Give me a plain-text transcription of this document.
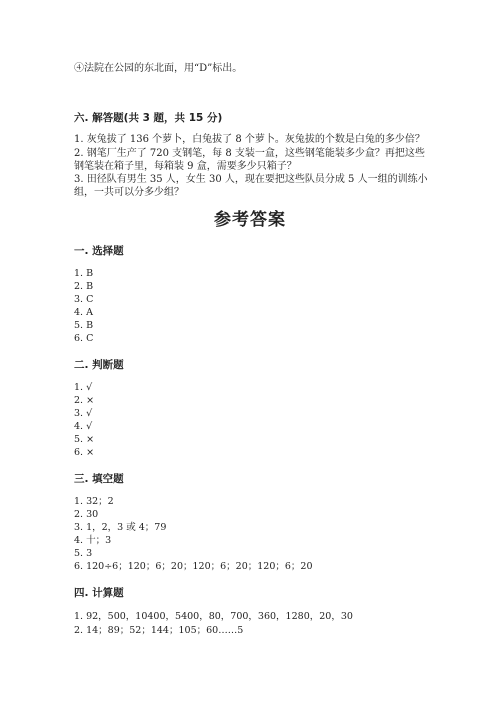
④法院在公园的东北面，用“D”标出。
六. 解答题(共 3 题，共 15 分)
1. 灰兔拔了 136 个萝卜，白兔拔了 8 个萝卜。灰兔拔的个数是白兔的多少倍？
2. 钢笔厂生产了 720 支钢笔，每 8 支装一盒，这些钢笔能装多少盒？再把这些
钢笔装在箱子里，每箱装 9 盒，需要多少只箱子？
3. 田径队有男生 35 人，女生 30 人，现在要把这些队员分成 5 人一组的训练小
组，一共可以分多少组？
参考答案
一. 选择题
1. B
2. B
3. C
4. A
5. B
6. C
二. 判断题
1. √
2. ×
3. √
4. √
5. ×
6. ×
三. 填空题
1. 32；2
2. 30
3. 1，2，3 或 4；79
4. 十；3
5. 3
6. 120÷6；120；6；20；120；6；20；120；6；20
四. 计算题
1. 92，500，10400，5400，80，700，360，1280，20，30
2. 14；89；52；144；105；60……5
